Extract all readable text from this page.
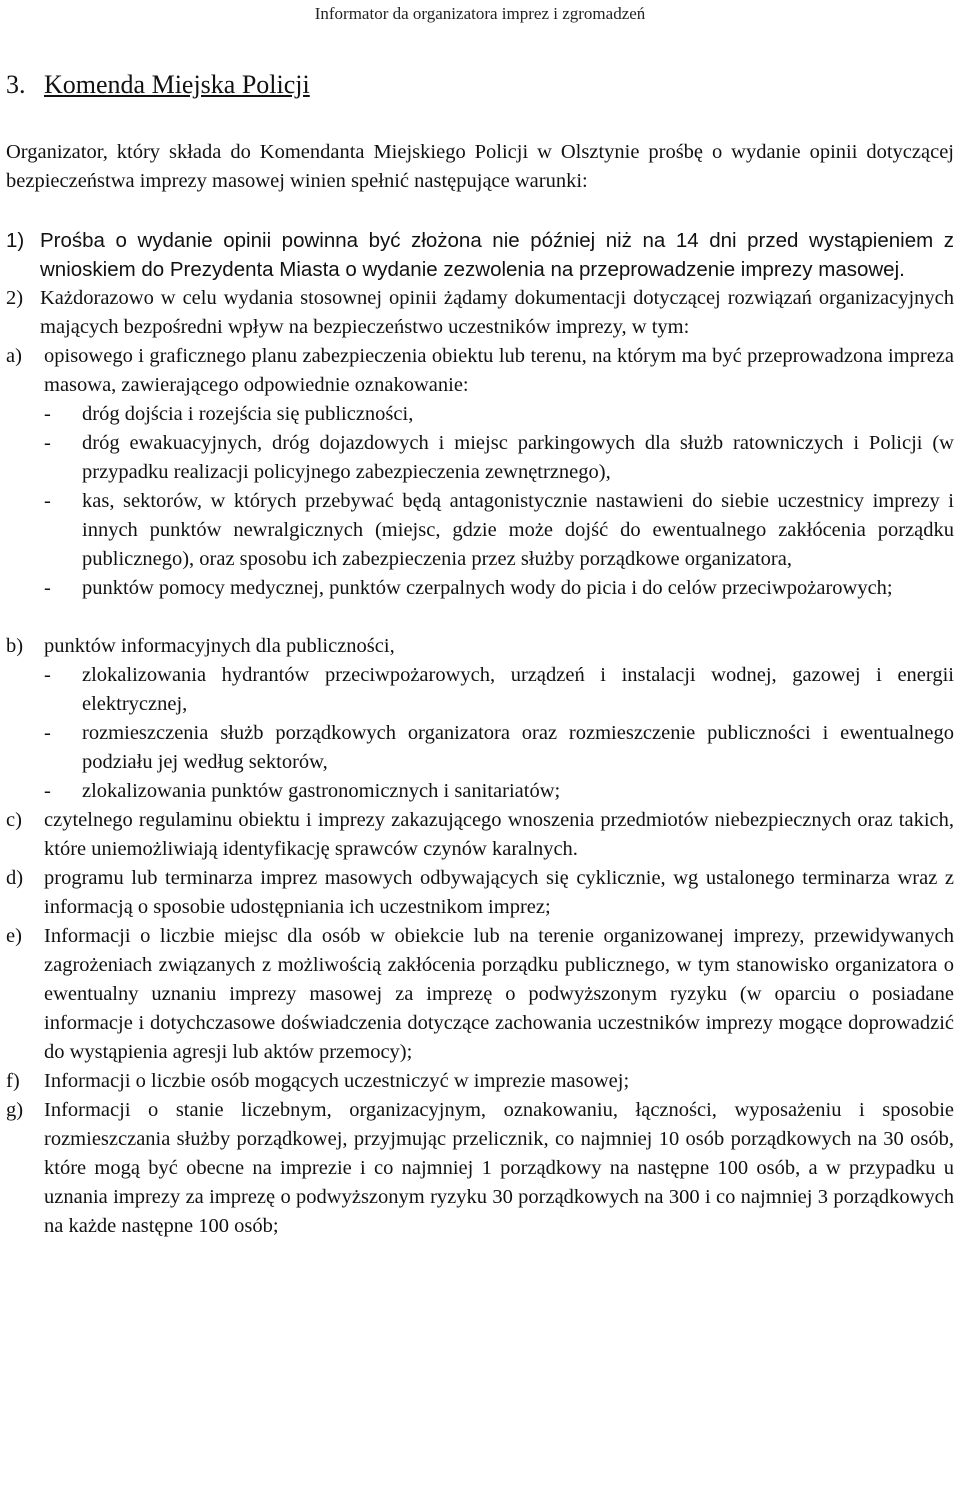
Informator da organizatora imprez i zgromadzeń
3. Komenda Miejska Policji

Organizator, który składa do Komendanta Miejskiego Policji w Olsztynie prośbę o wydanie opinii dotyczącej bezpieczeństwa imprezy masowej winien spełnić następujące warunki:

1) Prośba o wydanie opinii powinna być złożona nie później niż na 14 dni przed wystąpieniem z wnioskiem do Prezydenta Miasta o wydanie zezwolenia na przeprowadzenie imprezy masowej.
2) Każdorazowo w celu wydania stosownej opinii żądamy dokumentacji dotyczącej rozwiązań organizacyjnych mających bezpośredni wpływ na bezpieczeństwo uczestników imprezy, w tym:
a)	opisowego i graficznego planu zabezpieczenia obiektu lub terenu, na którym ma być przeprowadzona impreza masowa, zawierającego odpowiednie oznakowanie:
-	dróg dojścia i rozejścia się publiczności,
-	dróg ewakuacyjnych, dróg dojazdowych i miejsc parkingowych dla służb ratowniczych i Policji (w przypadku realizacji policyjnego zabezpieczenia zewnętrznego),
-	kas, sektorów, w których przebywać będą antagonistycznie nastawieni do siebie uczestnicy imprezy i innych punktów newralgicznych (miejsc, gdzie może dojść do ewentualnego zakłócenia porządku publicznego), oraz sposobu ich zabezpieczenia przez służby porządkowe organizatora,
-	punktów pomocy medycznej, punktów czerpalnych wody do picia i do celów przeciwpożarowych;
b)	punktów informacyjnych dla publiczności,
-	zlokalizowania hydrantów przeciwpożarowych, urządzeń i instalacji wodnej, gazowej i energii elektrycznej,
-	rozmieszczenia służb porządkowych organizatora oraz rozmieszczenie publiczności i ewentualnego podziału jej według sektorów,
-	zlokalizowania punktów gastronomicznych i sanitariatów;
c)	czytelnego regulaminu obiektu i imprezy zakazującego wnoszenia przedmiotów niebezpiecznych oraz takich, które uniemożliwiają identyfikację sprawców czynów karalnych.
d)	programu lub terminarza imprez masowych odbywających się cyklicznie, wg ustalonego terminarza wraz z informacją o sposobie udostępniania ich uczestnikom imprez;
e)	Informacji o liczbie miejsc dla osób w obiekcie lub na terenie organizowanej imprezy, przewidywanych zagrożeniach związanych z możliwością zakłócenia porządku publicznego, w tym stanowisko organizatora o ewentualny uznaniu imprezy masowej za imprezę o podwyższonym ryzyku (w oparciu o posiadane informacje i dotychczasowe doświadczenia dotyczące zachowania uczestników imprezy mogące doprowadzić do wystąpienia agresji lub aktów przemocy);
f)	Informacji o liczbie osób mogących uczestniczyć w imprezie masowej;
g)	Informacji o stanie liczebnym, organizacyjnym, oznakowaniu, łączności, wyposażeniu i sposobie rozmieszczania służby porządkowej, przyjmując przelicznik, co najmniej 10 osób porządkowych na 30 osób, które mogą być obecne na imprezie i co najmniej 1 porządkowy na następne 100 osób, a w przypadku u uznania imprezy za imprezę o podwyższonym ryzyku 30 porządkowych na 300 i co najmniej 3 porządkowych na każde następne 100 osób;
